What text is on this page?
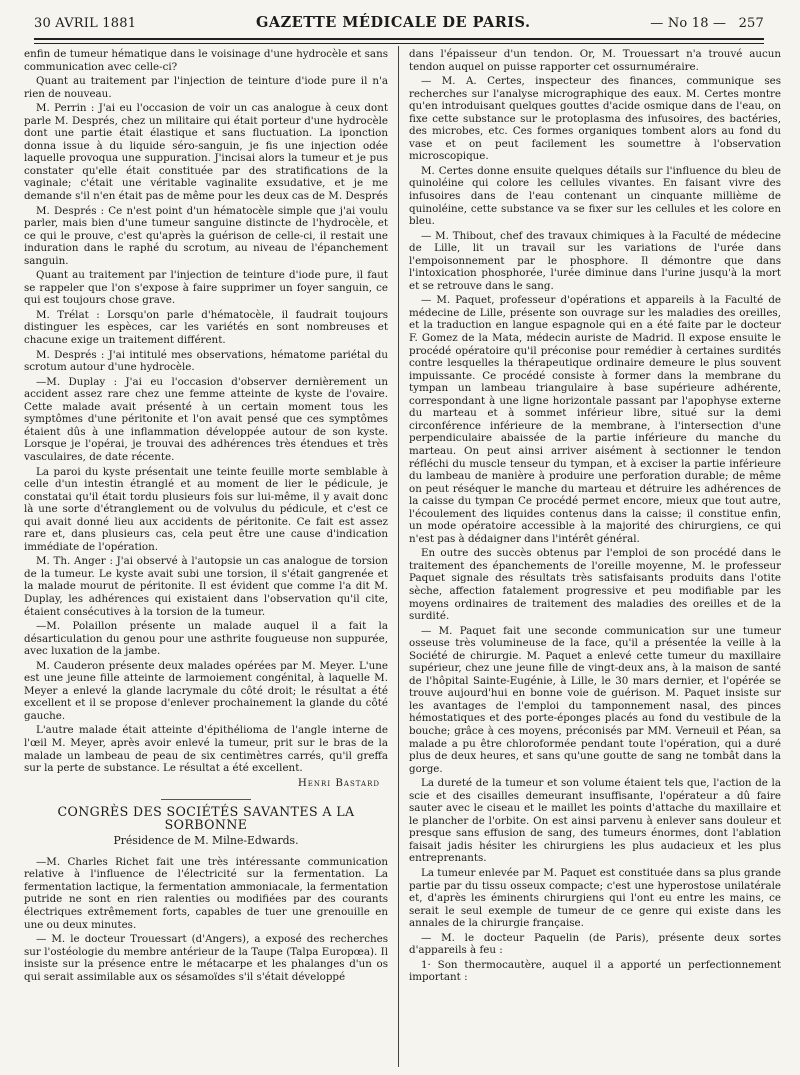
30 AVRIL 1881	GAZETTE MÉDICALE DE PARIS.	— No 18 — 257

enfin de tumeur hématique dans le voisinage d'une hydrocèle et sans communication avec celle-ci?

Quant au traitement par l'injection de teinture d'iode pure il n'a rien de nouveau.

M. Perrin : J'ai eu l'occasion de voir un cas analogue à ceux dont parle M. Després, chez un militaire qui était porteur d'une hydrocèle dont une partie était élastique et sans fluctuation. La iponction donna issue à du liquide séro-sanguin, je fis une injection odée laquelle provoqua une suppuration. J'incisai alors la tumeur et je pus constater qu'elle était constituée par des stratifications de la vaginale; c'était une véritable vaginalite exsudative, et je me demande s'il n'en était pas de même pour les deux cas de M. Després

M. Després : Ce n'est point d'un hématocèle simple que j'ai voulu parler, mais bien d'une tumeur sanguine distincte de l'hydrocèle, et ce qui le prouve, c'est qu'après la guérison de celle-ci, il restait une induration dans le raphé du scrotum, au niveau de l'épanchement sanguin.

Quant au traitement par l'injection de teinture d'iode pure, il faut se rappeler que l'on s'expose à faire supprimer un foyer sanguin, ce qui est toujours chose grave.

M. Trélat : Lorsqu'on parle d'hématocèle, il faudrait toujours distinguer les espèces, car les variétés en sont nombreuses et chacune exige un traitement différent.

M. Després : J'ai intitulé mes observations, hématome pariétal du scrotum autour d'une hydrocèle.

—M. Duplay : J'ai eu l'occasion d'observer dernièrement un accident assez rare chez une femme atteinte de kyste de l'ovaire. Cette malade avait présenté à un certain moment tous les symptômes d'une péritonite et l'on avait pensé que ces symptômes étaient dûs à une inflammation développée autour de son kyste. Lorsque je l'opérai, je trouvai des adhérences très étendues et très vasculaires, de date récente.

La paroi du kyste présentait une teinte feuille morte semblable à celle d'un intestin étranglé et au moment de lier le pédicule, je constatai qu'il était tordu plusieurs fois sur lui-même, il y avait donc là une sorte d'étranglement ou de volvulus du pédicule, et c'est ce qui avait donné lieu aux accidents de péritonite. Ce fait est assez rare et, dans plusieurs cas, cela peut être une cause d'indication immédiate de l'opération.

M. Th. Anger : J'ai observé à l'autopsie un cas analogue de torsion de la tumeur. Le kyste avait subi une torsion, il s'était gangrenée et la malade mourut de péritonite. Il est évident que comme l'a dit M. Duplay, les adhérences qui existaient dans l'observation qu'il cite, étaient consécutives à la torsion de la tumeur.

—M. Polaillon présente un malade auquel il a fait la désarticulation du genou pour une asthrite fougueuse non suppurée, avec luxation de la jambe.

M. Cauderon présente deux malades opérées par M. Meyer. L'une est une jeune fille atteinte de larmoiement congénital, à laquelle M. Meyer a enlevé la glande lacrymale du côté droit; le résultat a été excellent et il se propose d'enlever prochainement la glande du côté gauche.

L'autre malade était atteinte d'épithélioma de l'angle interne de l'œil M. Meyer, après avoir enlevé la tumeur, prit sur le bras de la malade un lambeau de peau de six centimètres carrés, qu'il greffa sur la perte de substance. Le résultat a été excellent.

Henri Bastard
CONGRÈS DES SOCIÉTÉS SAVANTES A LA SORBONNE
Présidence de M. Milne-Edwards.

—M. Charles Richet fait une très intéressante communication relative à l'influence de l'électricité sur la fermentation. La fermentation lactique, la fermentation ammoniacale, la fermentation putride ne sont en rien ralenties ou modifiées par des courants électriques extrêmement forts, capables de tuer une grenouille en une ou deux minutes.

— M. le docteur Trouessart (d'Angers), a exposé des recherches sur l'ostéologie du membre antérieur de la Taupe (Talpa Europœa). Il insiste sur la présence entre le métacarpe et les phalanges d'un os qui serait assimilable aux os sésamoïdes s'il s'était développé

dans l'épaisseur d'un tendon. Or, M. Trouessart n'a trouvé aucun tendon auquel on puisse rapporter cet ossurnuméraire.

— M. A. Certes, inspecteur des finances, communique ses recherches sur l'analyse micrographique des eaux. M. Certes montre qu'en introduisant quelques gouttes d'acide osmique dans de l'eau, on fixe cette substance sur le protoplasma des infusoires, des bactéries, des microbes, etc. Ces formes organiques tombent alors au fond du vase et on peut facilement les soumettre à l'observation microscopique.

M. Certes donne ensuite quelques détails sur l'influence du bleu de quinoléine qui colore les cellules vivantes. En faisant vivre des infusoires dans de l'eau contenant un cinquante millième de quinoléine, cette substance va se fixer sur les cellules et les colore en bleu.

— M. Thibout, chef des travaux chimiques à la Faculté de médecine de Lille, lit un travail sur les variations de l'urée dans l'empoisonnement par le phosphore. Il démontre que dans l'intoxication phosphorée, l'urée diminue dans l'urine jusqu'à la mort et se retrouve dans le sang.

— M. Paquet, professeur d'opérations et appareils à la Faculté de médecine de Lille, présente son ouvrage sur les maladies des oreilles, et la traduction en langue espagnole qui en a été faite par le docteur F. Gomez de la Mata, médecin auriste de Madrid. Il expose ensuite le procédé opératoire qu'il préconise pour remédier à certaines surdités contre lesquelles la thérapeutique ordinaire demeure le plus souvent impuissante. Ce procédé consiste à former dans la membrane du tympan un lambeau triangulaire à base supérieure adhérente, correspondant à une ligne horizontale passant par l'apophyse externe du marteau et à sommet inférieur libre, situé sur la demi circonférence inférieure de la membrane, à l'intersection d'une perpendiculaire abaissée de la partie inférieure du manche du marteau. On peut ainsi arriver aisément à sectionner le tendon réfléchi du muscle tenseur du tympan, et à exciser la partie inférieure du lambeau de manière à produire une perforation durable; de même on peut réséquer le manche du marteau et détruire les adhérences de la caisse du tympan Ce procédé permet encore, mieux que tout autre, l'écoulement des liquides contenus dans la caisse; il constitue enfin, un mode opératoire accessible à la majorité des chirurgiens, ce qui n'est pas à dédaigner dans l'intérêt général.

En outre des succès obtenus par l'emploi de son procédé dans le traitement des épanchements de l'oreille moyenne, M. le professeur Paquet signale des résultats très satisfaisants produits dans l'otite sèche, affection fatalement progressive et peu modifiable par les moyens ordinaires de traitement des maladies des oreilles et de la surdité.

— M. Paquet fait une seconde communication sur une tumeur osseuse très volumineuse de la face, qu'il a présentée la veille à la Société de chirurgie. M. Paquet a enlevé cette tumeur du maxillaire supérieur, chez une jeune fille de vingt-deux ans, à la maison de santé de l'hôpital Sainte-Eugénie, à Lille, le 30 mars dernier, et l'opérée se trouve aujourd'hui en bonne voie de guérison. M. Paquet insiste sur les avantages de l'emploi du tamponnement nasal, des pinces hémostatiques et des porte-éponges placés au fond du vestibule de la bouche; grâce à ces moyens, préconisés par MM. Verneuil et Péan, sa malade a pu être chloroformée pendant toute l'opération, qui a duré plus de deux heures, et sans qu'une goutte de sang ne tombât dans la gorge.

La dureté de la tumeur et son volume étaient tels que, l'action de la scie et des cisailles demeurant insuffisante, l'opérateur a dû faire sauter avec le ciseau et le maillet les points d'attache du maxillaire et le plancher de l'orbite. On est ainsi parvenu à enlever sans douleur et presque sans effusion de sang, des tumeurs énormes, dont l'ablation faisait jadis hésiter les chirurgiens les plus audacieux et les plus entreprenants.

La tumeur enlevée par M. Paquet est constituée dans sa plus grande partie par du tissu osseux compacte; c'est une hyperostose unilatérale et, d'après les éminents chirurgiens qui l'ont eu entre les mains, ce serait le seul exemple de tumeur de ce genre qui existe dans les annales de la chirurgie française.

— M. le docteur Paquelin (de Paris), présente deux sortes d'appareils à feu :

1· Son thermocautère, auquel il a apporté un perfectionnement important :
